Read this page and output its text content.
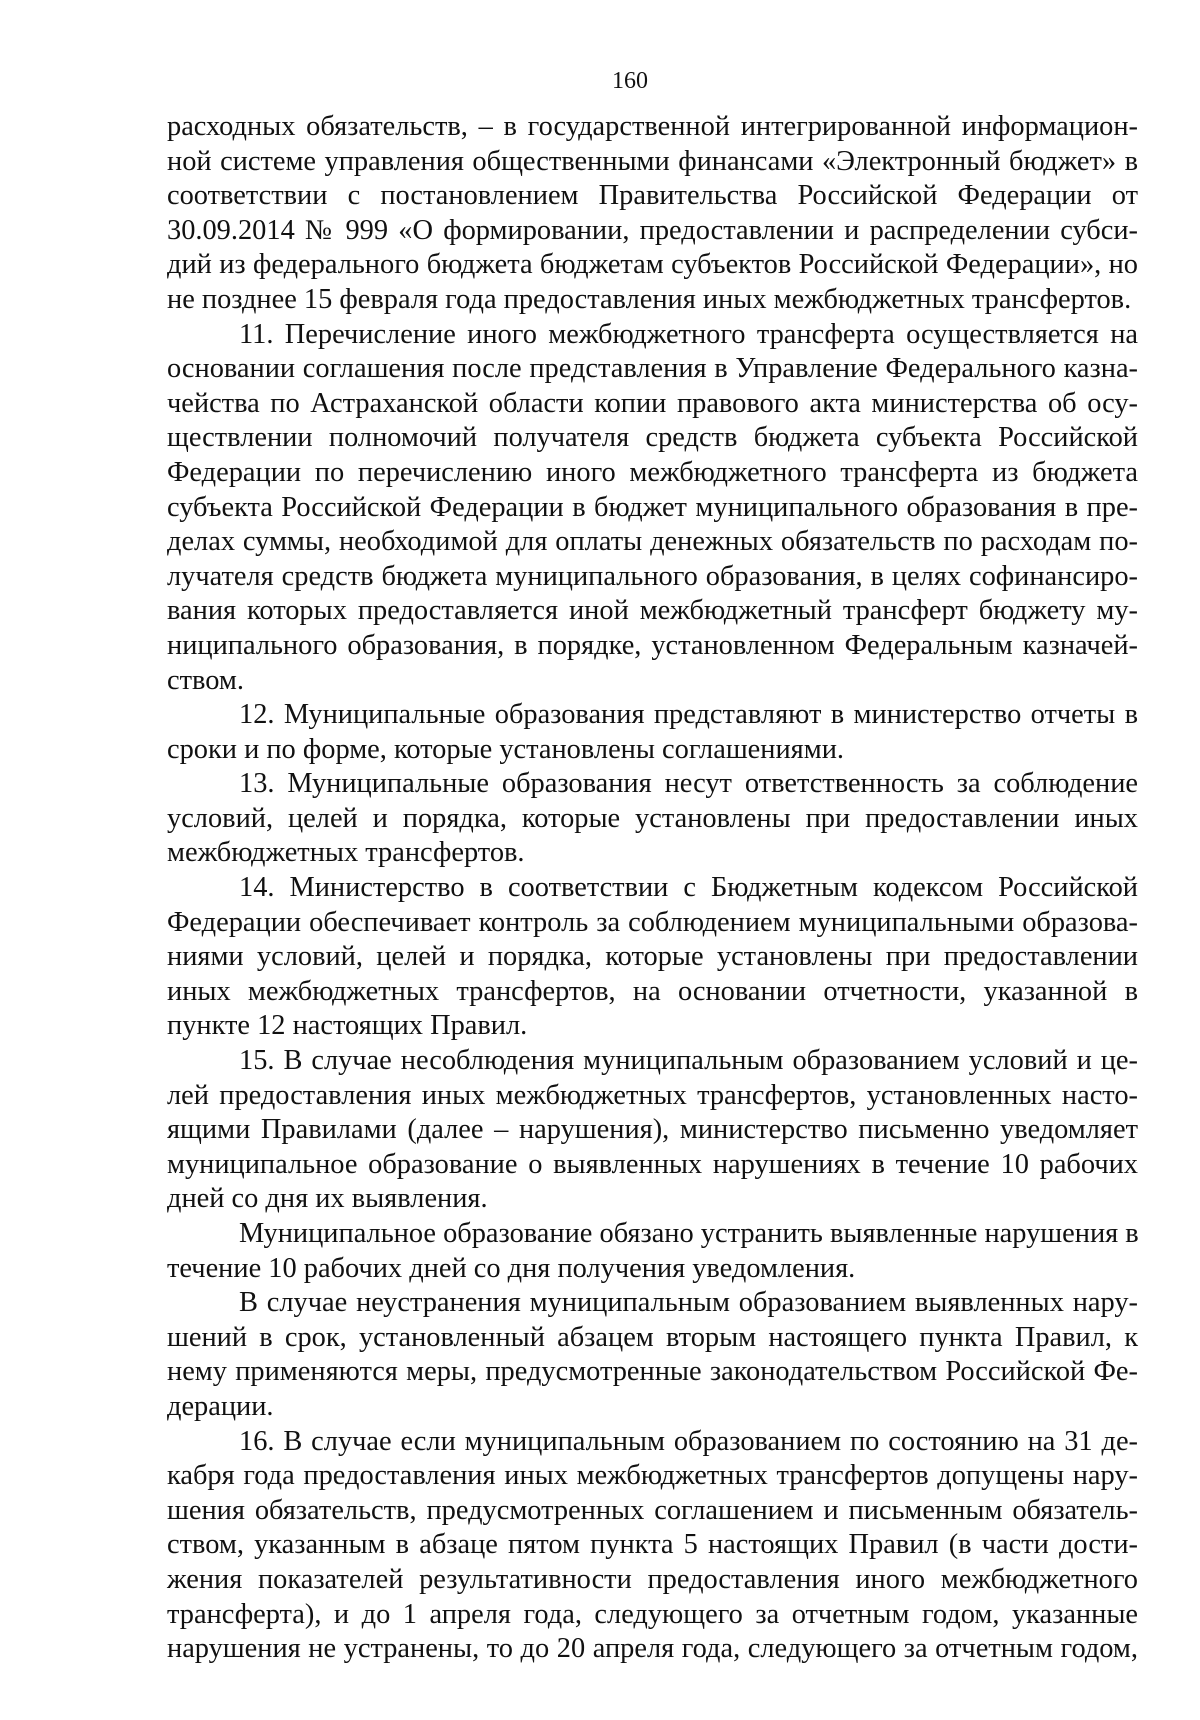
160
расходных обязательств, – в государственной интегрированной информацион-
ной системе управления общественными финансами «Электронный бюджет» в
соответствии с постановлением Правительства Российской Федерации от
30.09.2014 № 999 «О формировании, предоставлении и распределении субси-
дий из федерального бюджета бюджетам субъектов Российской Федерации», но
не позднее 15 февраля года предоставления иных межбюджетных трансфертов.
11. Перечисление иного межбюджетного трансферта осуществляется на
основании соглашения после представления в Управление Федерального казна-
чейства по Астраханской области копии правового акта министерства об осу-
ществлении полномочий получателя средств бюджета субъекта Российской
Федерации по перечислению иного межбюджетного трансферта из бюджета
субъекта Российской Федерации в бюджет муниципального образования в пре-
делах суммы, необходимой для оплаты денежных обязательств по расходам по-
лучателя средств бюджета муниципального образования, в целях софинансиро-
вания которых предоставляется иной межбюджетный трансферт бюджету му-
ниципального образования, в порядке, установленном Федеральным казначей-
ством.
12. Муниципальные образования представляют в министерство отчеты в
сроки и по форме, которые установлены соглашениями.
13. Муниципальные образования несут ответственность за соблюдение
условий, целей и порядка, которые установлены при предоставлении иных
межбюджетных трансфертов.
14. Министерство в соответствии с Бюджетным кодексом Российской
Федерации обеспечивает контроль за соблюдением муниципальными образова-
ниями условий, целей и порядка, которые установлены при предоставлении
иных межбюджетных трансфертов, на основании отчетности, указанной в
пункте 12 настоящих Правил.
15. В случае несоблюдения муниципальным образованием условий и це-
лей предоставления иных межбюджетных трансфертов, установленных насто-
ящими Правилами (далее – нарушения), министерство письменно уведомляет
муниципальное образование о выявленных нарушениях в течение 10 рабочих
дней со дня их выявления.
Муниципальное образование обязано устранить выявленные нарушения в
течение 10 рабочих дней со дня получения уведомления.
В случае неустранения муниципальным образованием выявленных нару-
шений в срок, установленный абзацем вторым настоящего пункта Правил, к
нему применяются меры, предусмотренные законодательством Российской Фе-
дерации.
16. В случае если муниципальным образованием по состоянию на 31 де-
кабря года предоставления иных межбюджетных трансфертов допущены нару-
шения обязательств, предусмотренных соглашением и письменным обязатель-
ством, указанным в абзаце пятом пункта 5 настоящих Правил (в части дости-
жения показателей результативности предоставления иного межбюджетного
трансферта), и до 1 апреля года, следующего за отчетным годом, указанные
нарушения не устранены, то до 20 апреля года, следующего за отчетным годом,
